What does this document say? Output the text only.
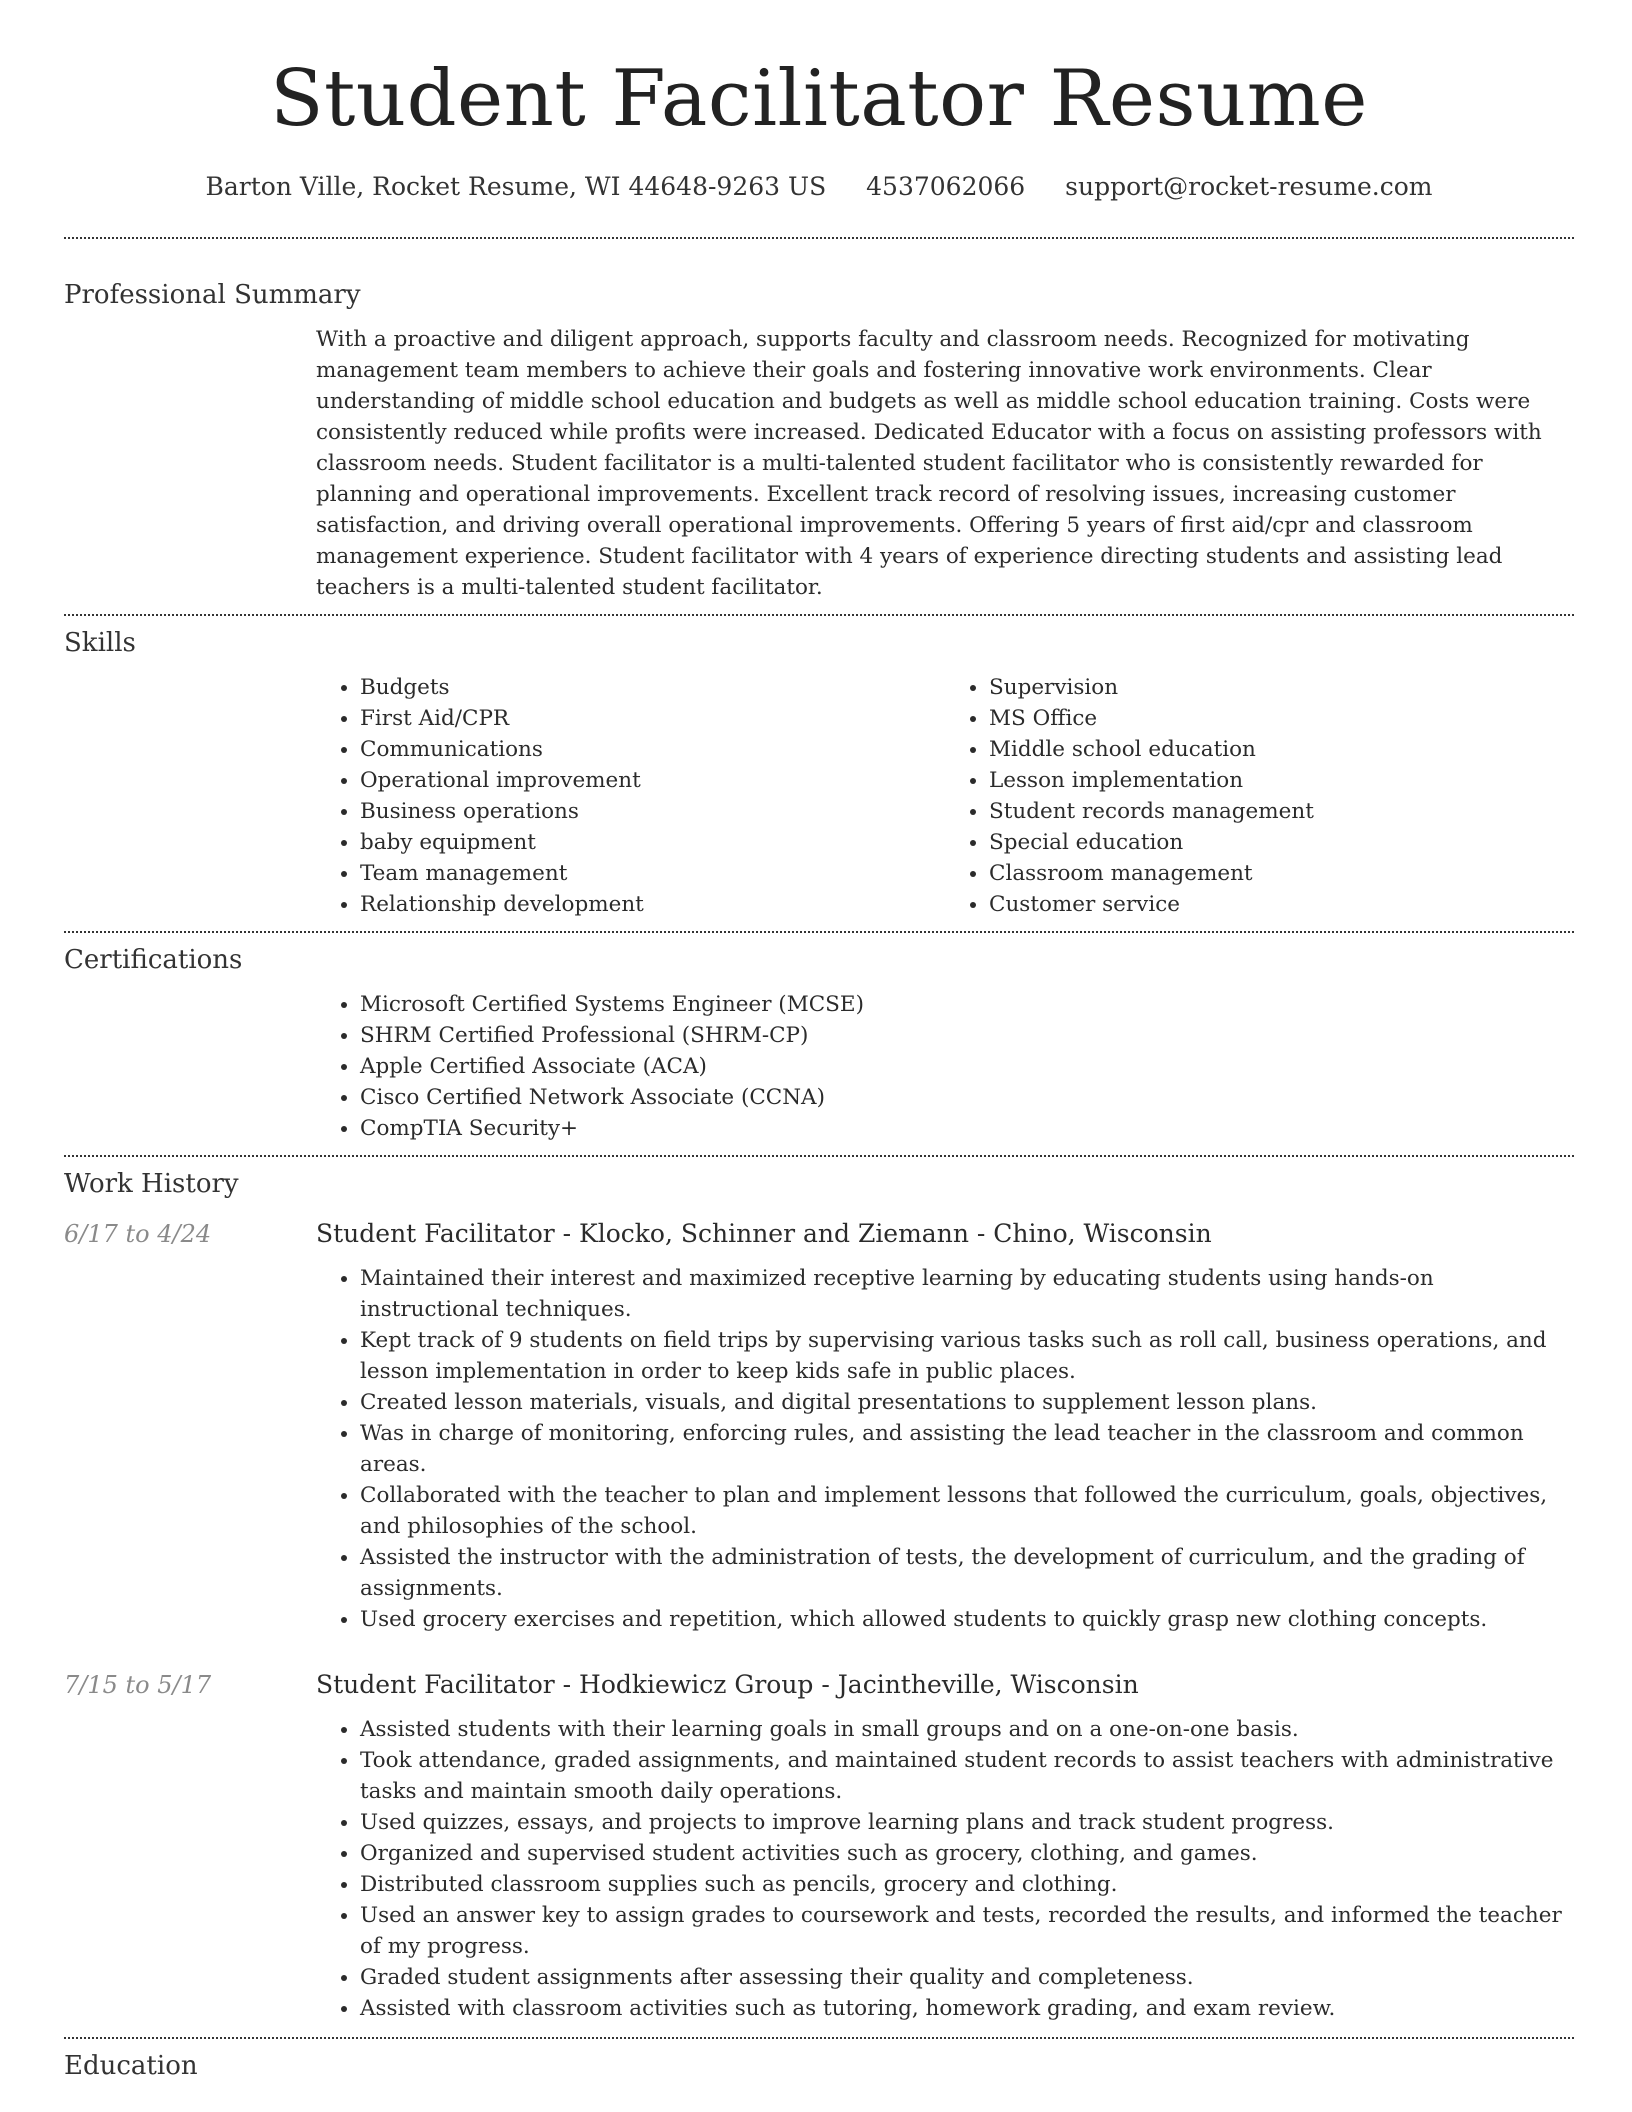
Student Facilitator Resume
Barton Ville, Rocket Resume, WI 44648-9263 US 4537062066 support@rocket-resume.com
Professional Summary
With a proactive and diligent approach, supports faculty and classroom needs. Recognized for motivating management team members to achieve their goals and fostering innovative work environments. Clear understanding of middle school education and budgets as well as middle school education training. Costs were consistently reduced while profits were increased. Dedicated Educator with a focus on assisting professors with classroom needs. Student facilitator is a multi-talented student facilitator who is consistently rewarded for planning and operational improvements. Excellent track record of resolving issues, increasing customer satisfaction, and driving overall operational improvements. Offering 5 years of first aid/cpr and classroom management experience. Student facilitator with 4 years of experience directing students and assisting lead teachers is a multi-talented student facilitator.
Skills
• Budgets
• First Aid/CPR
• Communications
• Operational improvement
• Business operations
• baby equipment
• Team management
• Relationship development
• Supervision
• MS Office
• Middle school education
• Lesson implementation
• Student records management
• Special education
• Classroom management
• Customer service
Certifications
• Microsoft Certified Systems Engineer (MCSE)
• SHRM Certified Professional (SHRM-CP)
• Apple Certified Associate (ACA)
• Cisco Certified Network Associate (CCNA)
• CompTIA Security+
Work History
6/17 to 4/24	Student Facilitator - Klocko, Schinner and Ziemann - Chino, Wisconsin
• Maintained their interest and maximized receptive learning by educating students using hands-on instructional techniques.
• Kept track of 9 students on field trips by supervising various tasks such as roll call, business operations, and lesson implementation in order to keep kids safe in public places.
• Created lesson materials, visuals, and digital presentations to supplement lesson plans.
• Was in charge of monitoring, enforcing rules, and assisting the lead teacher in the classroom and common areas.
• Collaborated with the teacher to plan and implement lessons that followed the curriculum, goals, objectives, and philosophies of the school.
• Assisted the instructor with the administration of tests, the development of curriculum, and the grading of assignments.
• Used grocery exercises and repetition, which allowed students to quickly grasp new clothing concepts.
7/15 to 5/17	Student Facilitator - Hodkiewicz Group - Jacintheville, Wisconsin
• Assisted students with their learning goals in small groups and on a one-on-one basis.
• Took attendance, graded assignments, and maintained student records to assist teachers with administrative tasks and maintain smooth daily operations.
• Used quizzes, essays, and projects to improve learning plans and track student progress.
• Organized and supervised student activities such as grocery, clothing, and games.
• Distributed classroom supplies such as pencils, grocery and clothing.
• Used an answer key to assign grades to coursework and tests, recorded the results, and informed the teacher of my progress.
• Graded student assignments after assessing their quality and completeness.
• Assisted with classroom activities such as tutoring, homework grading, and exam review.
Education
